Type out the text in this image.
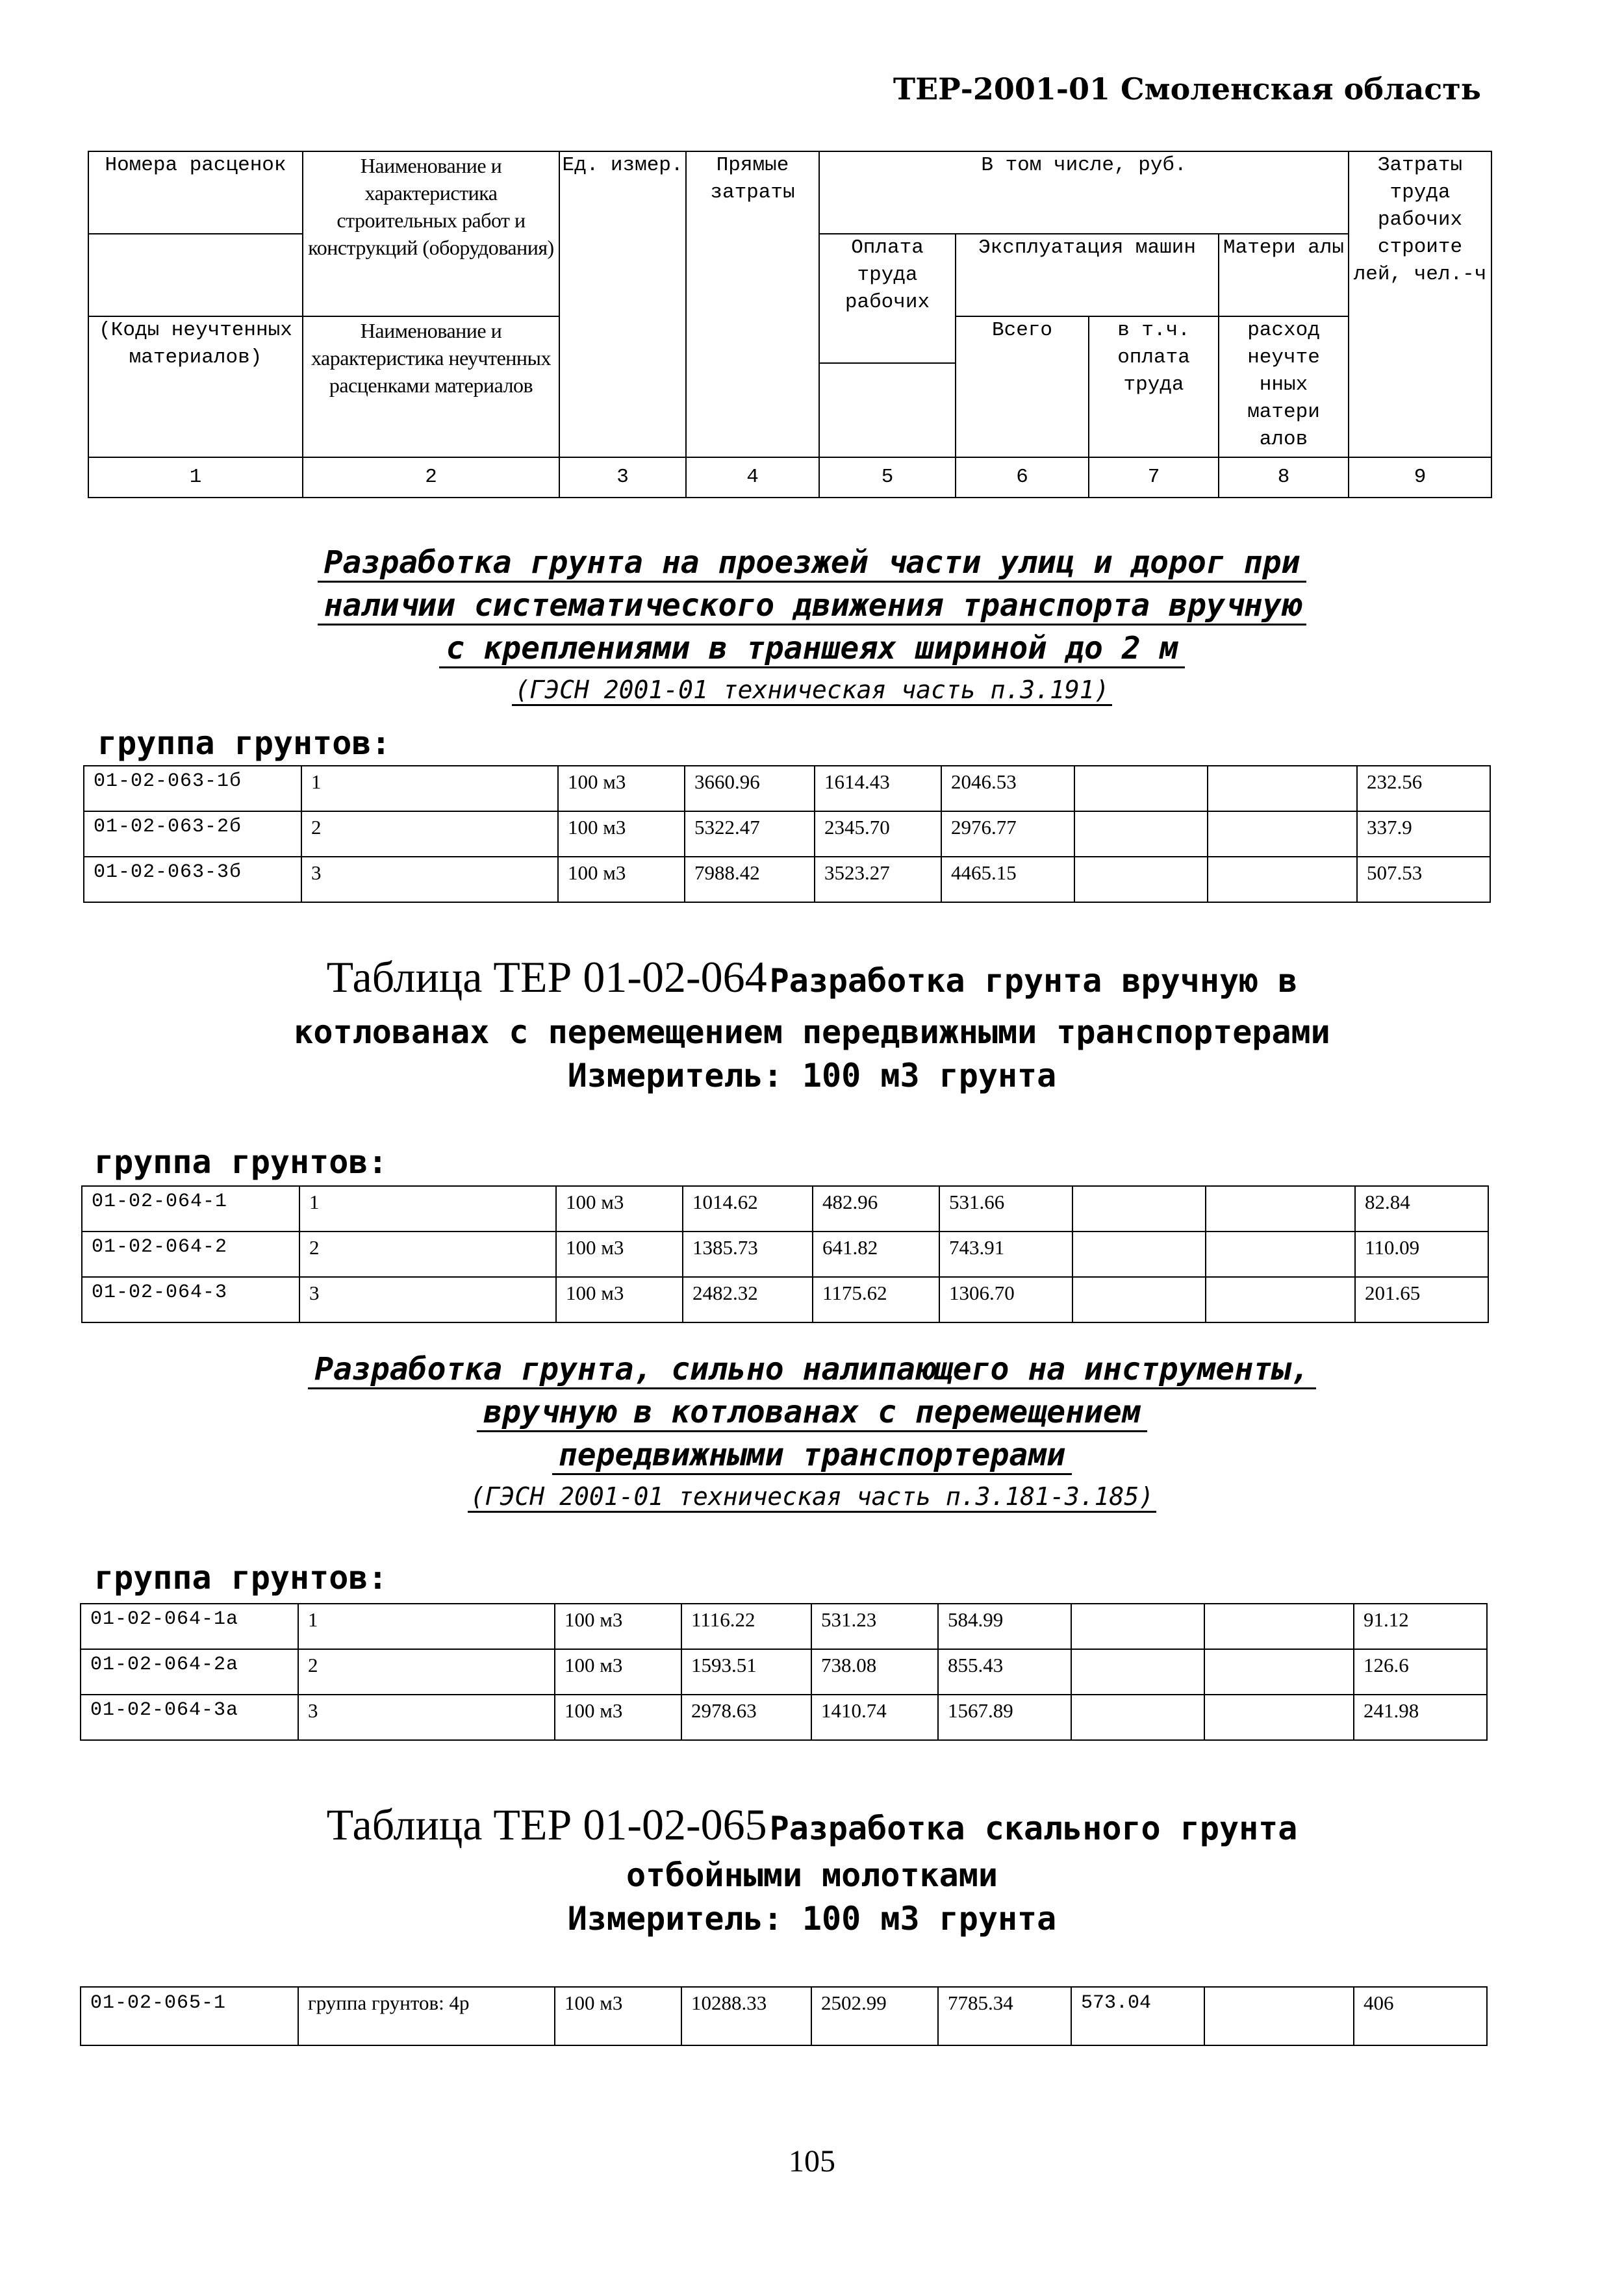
ТЕР-2001-01 Смоленская область
Номера расценок	Наименование и характеристика строительных работ и конструкций (оборудования)	Ед. измер.	Прямые затраты	В том числе, руб.				Затраты труда рабочих строите лей, чел.-ч
				Оплата труда рабочих	Эксплуатация машин		Матери алы	
(Коды неучтенных материалов)	Наименование и характеристика неучтенных расценками материалов				Всего	в т.ч. оплата труда	расход неучте нных матери алов	

1	2	3	4	5	6	7	8	9
Разработка грунта на проезжей части улиц и дорог при
наличии систематического движения транспорта вручную
с креплениями в траншеях шириной до 2 м
(ГЭСН 2001-01 техническая часть п.3.191)
группа грунтов:
01-02-063-1б	1	100 м3	3660.96	1614.43	2046.53			232.56
01-02-063-2б	2	100 м3	5322.47	2345.70	2976.77			337.9
01-02-063-3б	3	100 м3	7988.42	3523.27	4465.15			507.53
Таблица ТЕР 01-02-064 Разработка грунта вручную в
котлованах с перемещением передвижными транспортерами
Измеритель: 100 м3 грунта
группа грунтов:
01-02-064-1	1	100 м3	1014.62	482.96	531.66			82.84
01-02-064-2	2	100 м3	1385.73	641.82	743.91			110.09
01-02-064-3	3	100 м3	2482.32	1175.62	1306.70			201.65
Разработка грунта, сильно налипающего на инструменты,
вручную в котлованах с перемещением
передвижными транспортерами
(ГЭСН 2001-01 техническая часть п.3.181-3.185)
группа грунтов:
01-02-064-1а	1	100 м3	1116.22	531.23	584.99			91.12
01-02-064-2а	2	100 м3	1593.51	738.08	855.43			126.6
01-02-064-3а	3	100 м3	2978.63	1410.74	1567.89			241.98
Таблица ТЕР 01-02-065 Разработка скального грунта
отбойными молотками
Измеритель: 100 м3 грунта
01-02-065-1	группа грунтов: 4р	100 м3	10288.33	2502.99	7785.34	573.04		406
105
